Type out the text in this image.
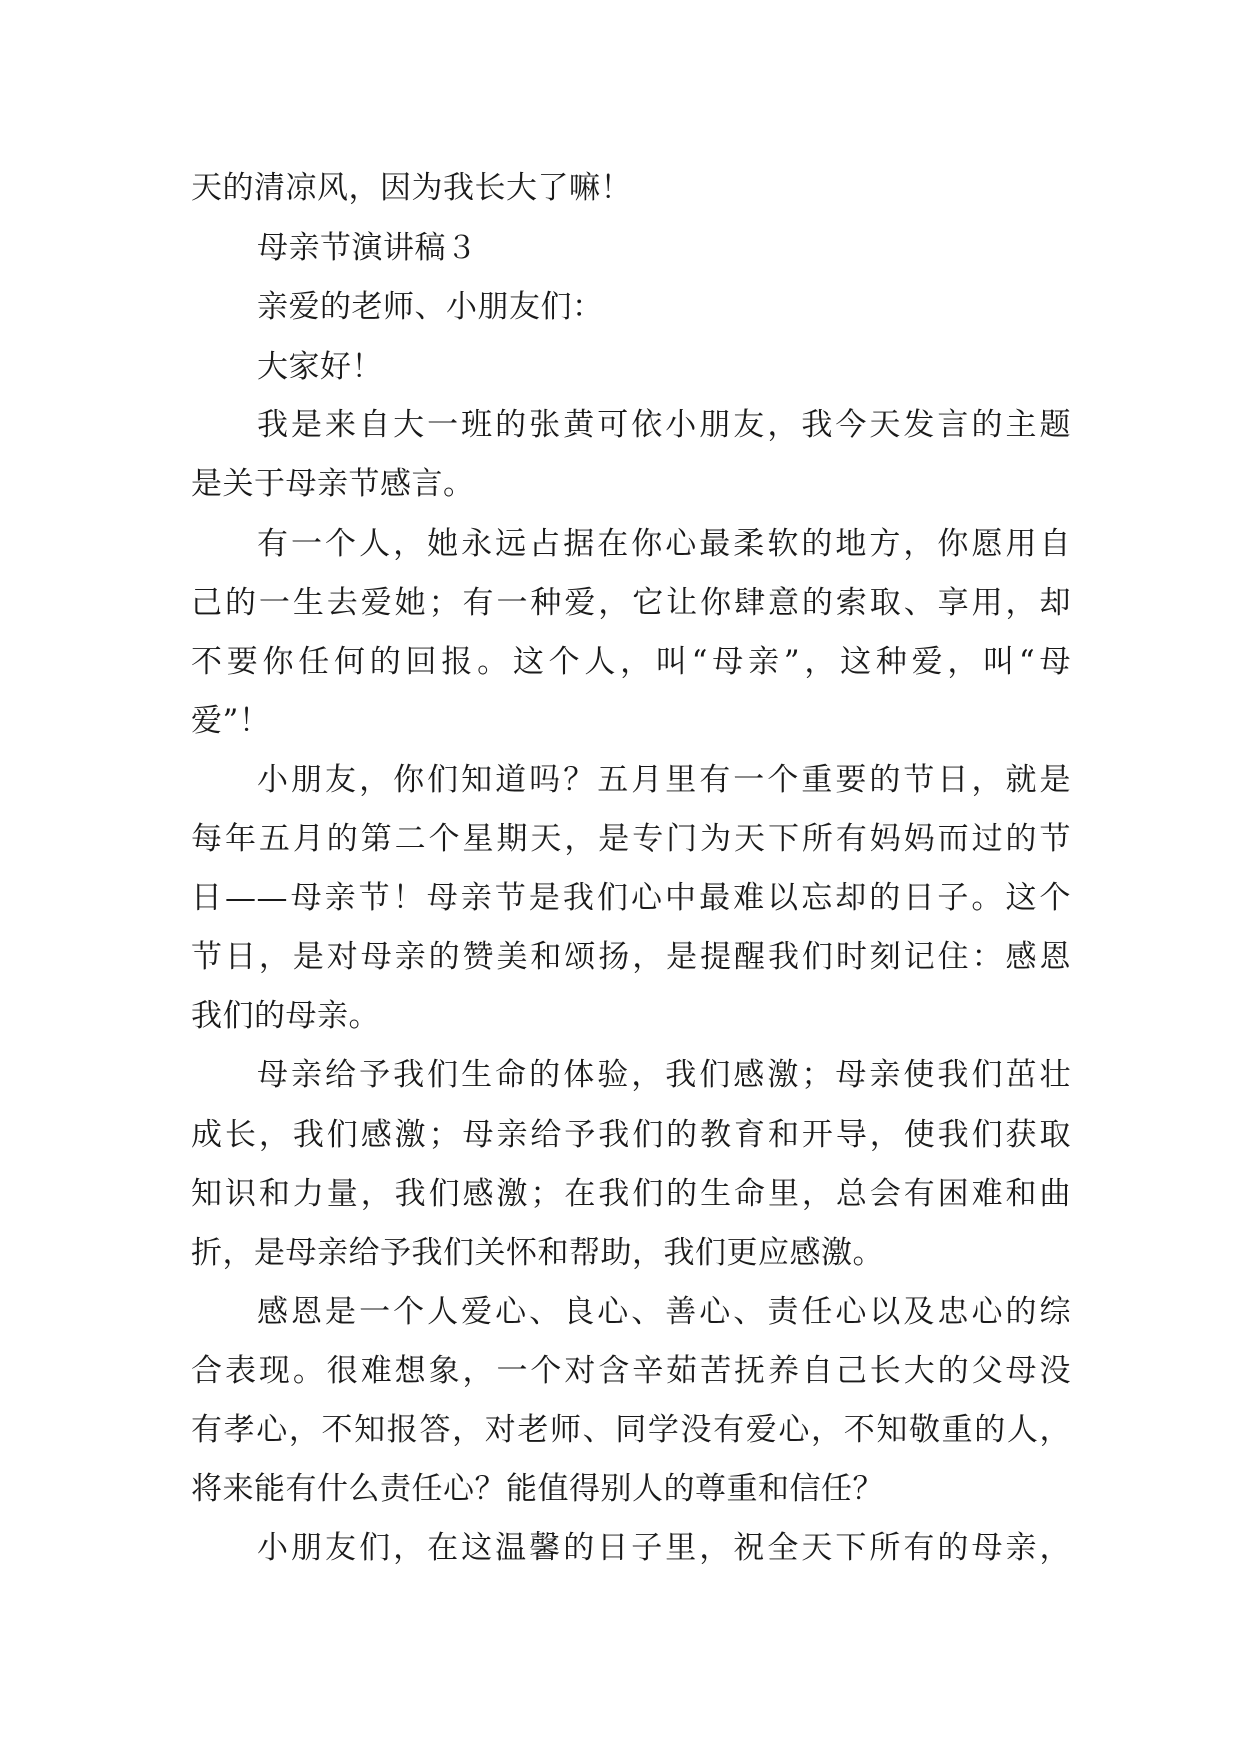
天的清凉风，因为我长大了嘛！
母亲节演讲稿３
亲爱的老师、小朋友们：
大家好！
我是来自大一班的张黄可依小朋友，我今天发言的主题
是关于母亲节感言。
有一个人，她永远占据在你心最柔软的地方，你愿用自
己的一生去爱她；有一种爱，它让你肆意的索取、享用，却
不要你任何的回报。这个人，叫“母亲”，这种爱，叫“母
爱”！
小朋友，你们知道吗？五月里有一个重要的节日，就是
每年五月的第二个星期天，是专门为天下所有妈妈而过的节
日——母亲节！母亲节是我们心中最难以忘却的日子。这个
节日，是对母亲的赞美和颂扬，是提醒我们时刻记住：感恩
我们的母亲。
母亲给予我们生命的体验，我们感激；母亲使我们茁壮
成长，我们感激；母亲给予我们的教育和开导，使我们获取
知识和力量，我们感激；在我们的生命里，总会有困难和曲
折，是母亲给予我们关怀和帮助，我们更应感激。
感恩是一个人爱心、良心、善心、责任心以及忠心的综
合表现。很难想象，一个对含辛茹苦抚养自己长大的父母没
有孝心，不知报答，对老师、同学没有爱心，不知敬重的人，
将来能有什么责任心？能值得别人的尊重和信任？
小朋友们，在这温馨的日子里，祝全天下所有的母亲，
